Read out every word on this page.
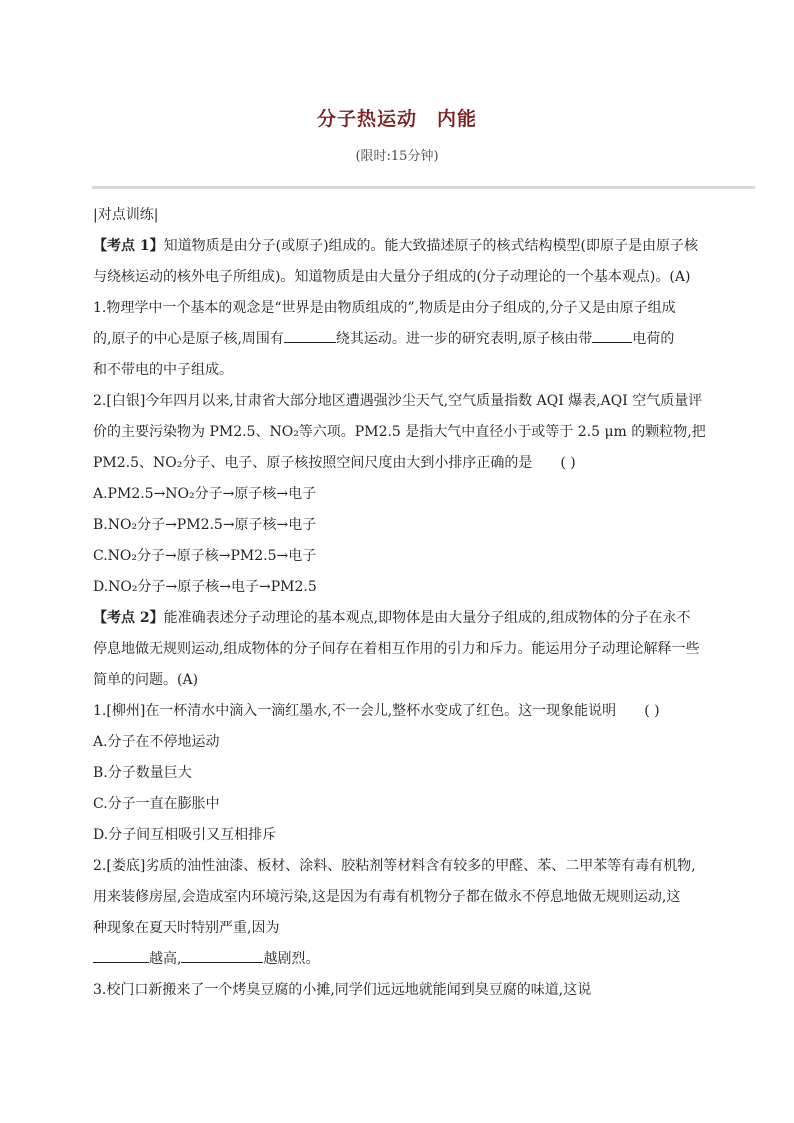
分子热运动　内能
(限时:15分钟)
|对点训练|
【考点 1】知道物质是由分子(或原子)组成的。能大致描述原子的核式结构模型(即原子是由原子核
与绕核运动的核外电子所组成)。知道物质是由大量分子组成的(分子动理论的一个基本观点)。(A)
1.物理学中一个基本的观念是“世界是由物质组成的”,物质是由分子组成的,分子又是由原子组成
的,原子的中心是原子核,周围有	绕其运动。进一步的研究表明,原子核由带	电荷的
和不带电的中子组成。
2.[白银]今年四月以来,甘肃省大部分地区遭遇强沙尘天气,空气质量指数 AQI 爆表,AQI 空气质量评
价的主要污染物为 PM2.5、NO₂等六项。PM2.5 是指大气中直径小于或等于 2.5 μm 的颗粒物,把
PM2.5、NO₂分子、电子、原子核按照空间尺度由大到小排序正确的是 ( )
A.PM2.5→NO₂分子→原子核→电子
B.NO₂分子→PM2.5→原子核→电子
C.NO₂分子→原子核→PM2.5→电子
D.NO₂分子→原子核→电子→PM2.5
【考点 2】能准确表述分子动理论的基本观点,即物体是由大量分子组成的,组成物体的分子在永不
停息地做无规则运动,组成物体的分子间存在着相互作用的引力和斥力。能运用分子动理论解释一些
简单的问题。(A)
1.[柳州]在一杯清水中滴入一滴红墨水,不一会儿,整杯水变成了红色。这一现象能说明 ( )
A.分子在不停地运动
B.分子数量巨大
C.分子一直在膨胀中
D.分子间互相吸引又互相排斥
2.[娄底]劣质的油性油漆、板材、涂料、胶粘剂等材料含有较多的甲醛、苯、二甲苯等有毒有机物,
用来装修房屋,会造成室内环境污染,这是因为有毒有机物分子都在做永不停息地做无规则运动,这
种现象在夏天时特别严重,因为
越高,	越剧烈。
3.校门口新搬来了一个烤臭豆腐的小摊,同学们远远地就能闻到臭豆腐的味道,这说
